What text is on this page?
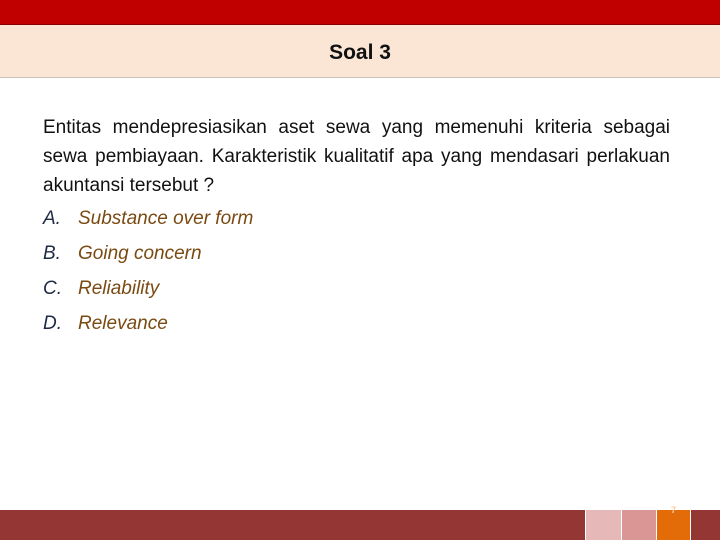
Soal 3

Entitas mendepresiasikan aset sewa yang memenuhi kriteria sebagai sewa pembiayaan. Karakteristik kualitatif apa yang mendasari perlakuan akuntansi tersebut ?

A. Substance over form
B. Going concern
C. Reliability
D. Relevance
7
